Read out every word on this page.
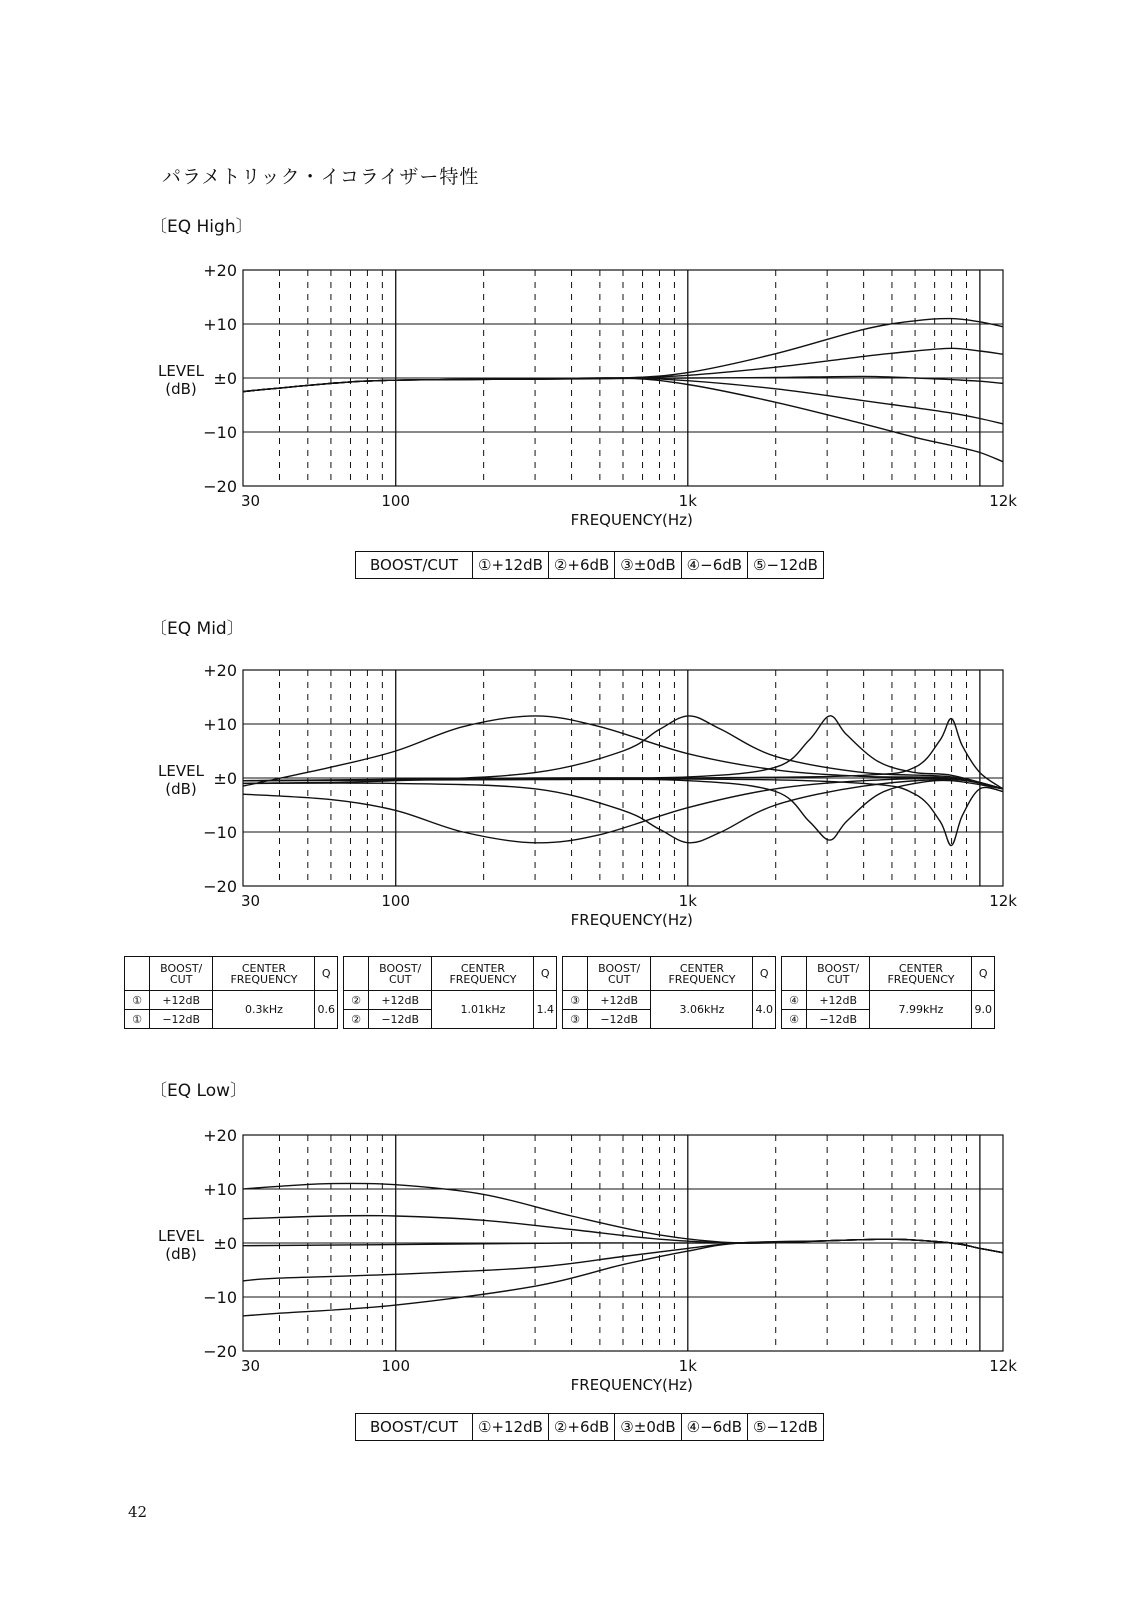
パラメトリック・イコライザー特性
〔EQ High〕
〔EQ Mid〕
〔EQ Low〕
+20
+10
±0
−10
−20
LEVEL
(dB)
30	100	1k	12k
FREQUENCY(Hz)
+20
+10
±0
−10
−20
LEVEL
(dB)
30	100	1k	12k
FREQUENCY(Hz)
+20
+10
±0
−10
−20
LEVEL
(dB)
30	100	1k	12k
FREQUENCY(Hz)
BOOST/CUT	①+12dB ②+6dB ③±0dB ④−6dB ⑤−12dB
BOOST/CUT	①+12dB ②+6dB ③±0dB ④−6dB ⑤−12dB
	BOOST/ CUT	CENTER FREQUENCY	Q
①	+12dB	0.3kHz	0.6
①	−12dB		
	BOOST/ CUT	CENTER FREQUENCY	Q
②	+12dB	1.01kHz	1.4
②	−12dB		
	BOOST/ CUT	CENTER FREQUENCY	Q
③	+12dB	3.06kHz	4.0
③	−12dB		
	BOOST/ CUT	CENTER FREQUENCY	Q
④	+12dB	7.99kHz	9.0
④	−12dB		
42
